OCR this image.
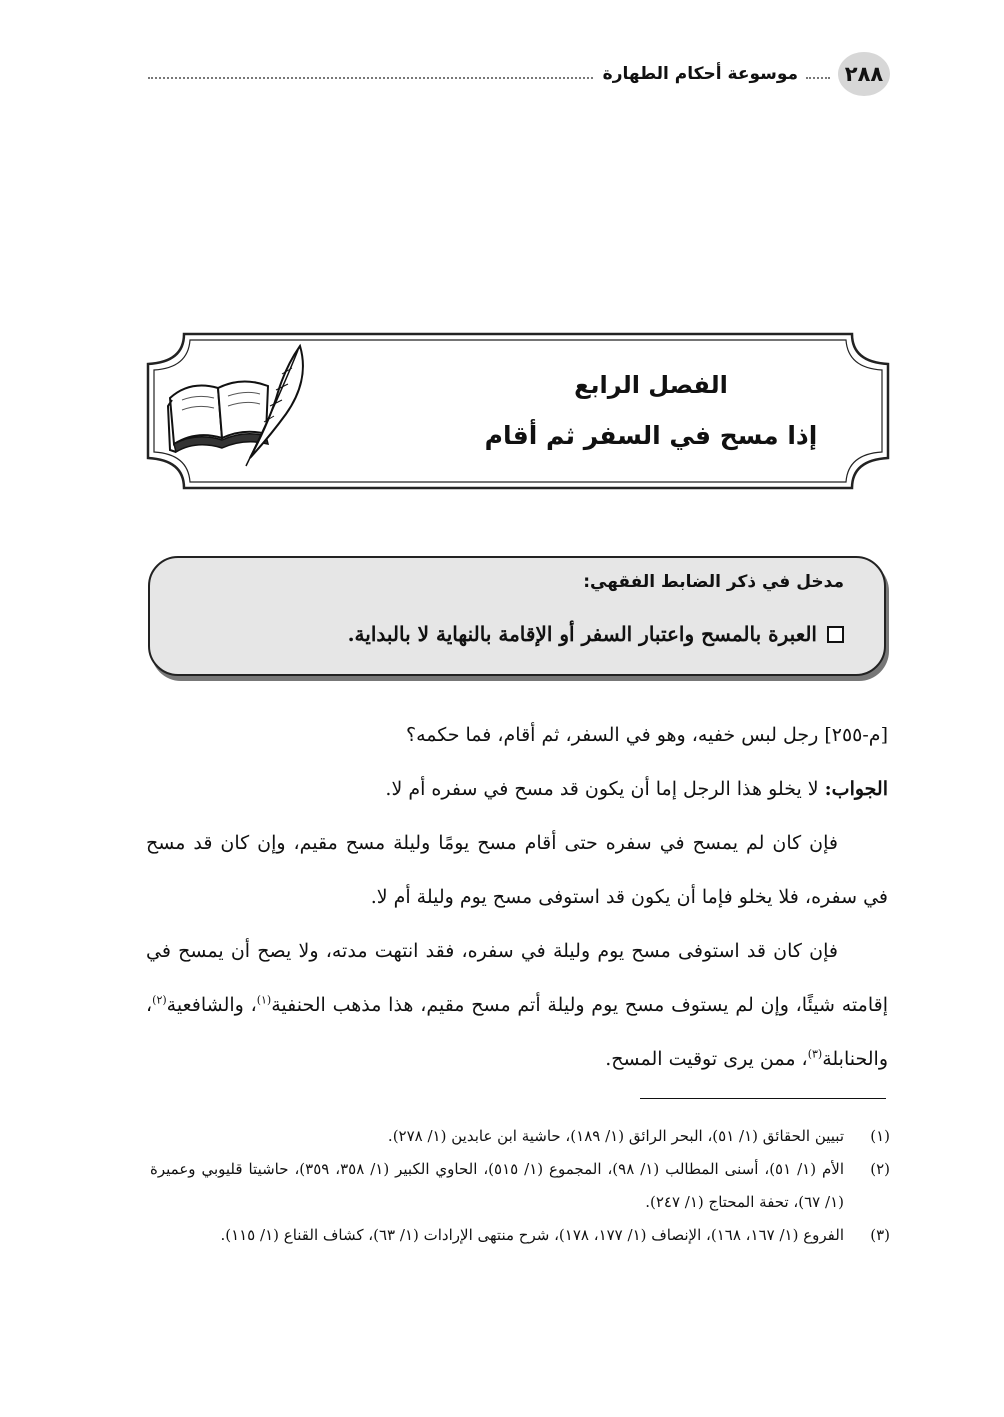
٢٨٨
موسوعة أحكام الطهارة
الفصل الرابع
إذا مسح في السفر ثم أقام
مدخل في ذكر الضابط الفقهي:
العبرة بالمسح واعتبار السفر أو الإقامة بالنهاية لا بالبداية.

[م-٢٥٥] رجل لبس خفيه، وهو في السفر، ثم أقام، فما حكمه؟

الجواب: لا يخلو هذا الرجل إما أن يكون قد مسح في سفره أم لا.

فإن كان لم يمسح في سفره حتى أقام مسح يومًا وليلة مسح مقيم، وإن كان قد مسح في سفره، فلا يخلو فإما أن يكون قد استوفى مسح يوم وليلة أم لا.

فإن كان قد استوفى مسح يوم وليلة في سفره، فقد انتهت مدته، ولا يصح أن يمسح في إقامته شيئًا، وإن لم يستوف مسح يوم وليلة أتم مسح مقيم، هذا مذهب الحنفية$^{(١)}$، والشافعية$^{(٢)}$، والحنابلة$^{(٣)}$، ممن يرى توقيت المسح.

(١)
تبيين الحقائق (١/ ٥١)، البحر الرائق (١/ ١٨٩)، حاشية ابن عابدين (١/ ٢٧٨).
(٢)
الأم (١/ ٥١)، أسنى المطالب (١/ ٩٨)، المجموع (١/ ٥١٥)، الحاوي الكبير (١/ ٣٥٨، ٣٥٩)، حاشيتا قليوبي وعميرة (١/ ٦٧)، تحفة المحتاج (١/ ٢٤٧).
(٣)
الفروع (١/ ١٦٧، ١٦٨)، الإنصاف (١/ ١٧٧، ١٧٨)، شرح منتهى الإرادات (١/ ٦٣)، كشاف القناع (١/ ١١٥).
